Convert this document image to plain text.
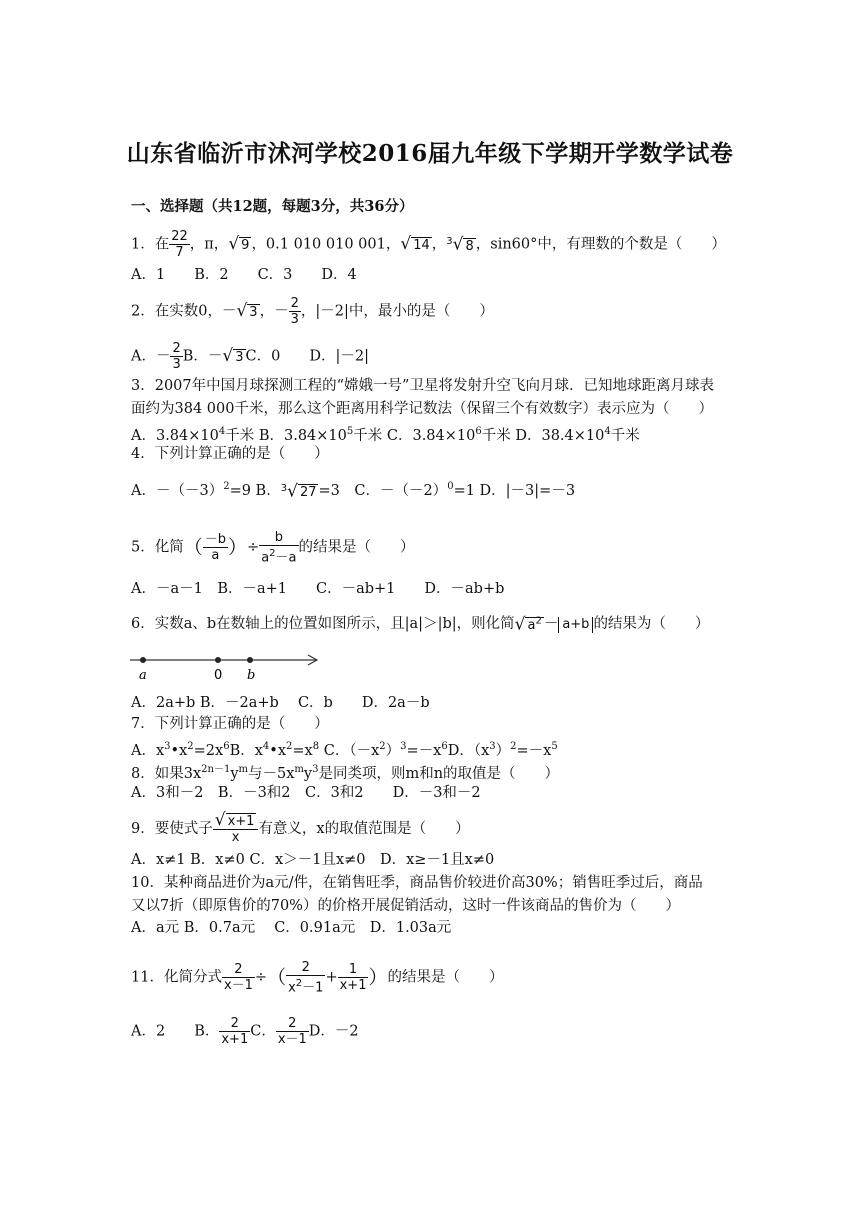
山东省临沂市沭河学校2016届九年级下学期开学数学试卷
一、选择题（共12题，每题3分，共36分）
1．在 $\frac{22}{7}$ ，π，√ 9 ，0.1 010 010 001，√ 14 ，$^3$√ 8 ，sin60°中，有理数的个数是（　　）
A．1　　B．2　　C．3　　D．4
2．在实数0，－√ 3 ，－ $\frac{2}{3}$ ，|－2|中，最小的是（　　）
A．－ $\frac{2}{3}$ B．－√ 3 C．0　　D．|－2|
3．2007年中国月球探测工程的“嫦娥一号”卫星将发射升空飞向月球．已知地球距离月球表
面约为384 000千米，那么这个距离用科学记数法（保留三个有效数字）表示应为（　　）
A．$3.84\times 10^4$千米 B．$3.84\times 10^5$千米 C．$3.84\times 10^6$千米 D．$38.4\times 10^4$千米
4．下列计算正确的是（　　）
A．$-(-3)^2=9$ B．$^3$√ 27 =3　C．$-(-2)^0=1$ D．|－3|=－3
5．化简（ $\frac{-b}{a}$ ）÷ $\frac{b}{a^2-a}$ 的结果是（　　）
A．－a－1　B．－a+1　　C．－ab+1　　D．－ab+b
6．实数a、b在数轴上的位置如图所示，且|a|＞|b|，则化简√ $a^2 - a+b$ 的结果为（　　）
a	0 b
A．2a+b B．－2a+b　 C．b　　D．2a－b
7．下列计算正确的是（　　）
A．$x^3•x^2=2x^6B$．$x^4•x^2=x^8$ C．$(-x^2)^3=-x^6D$．$(x^3)^2=-x^5$
8．如果$3x^{2n-1}y^m$与$-5x^my^3$是同类项，则m和n的取值是（　　）
A．3和－2　B．－3和2　C．3和2　　D．－3和－2
9．要使式子 $\frac{√ x+1}{x}$ 有意义，x的取值范围是（　　）
A．x≠1 B．x≠0 C．x＞－1且x≠0　D．x≥－1且x≠0
10．某种商品进价为a元/件，在销售旺季，商品售价较进价高30%；销售旺季过后，商品
又以7折（即原售价的70%）的价格开展促销活动，这时一件该商品的售价为（　　）
A．a元 B．0.7a元　 C．0.91a元　D．1.03a元
11．化简分式 $\frac{2}{x-1}$ ÷（ $\frac{2}{x^2-1} + \frac{1}{x+1}$ ）的结果是（　　）
A．2　　B． $\frac{2}{x+1}$ C． $\frac{2}{x-1}$ D．－2
